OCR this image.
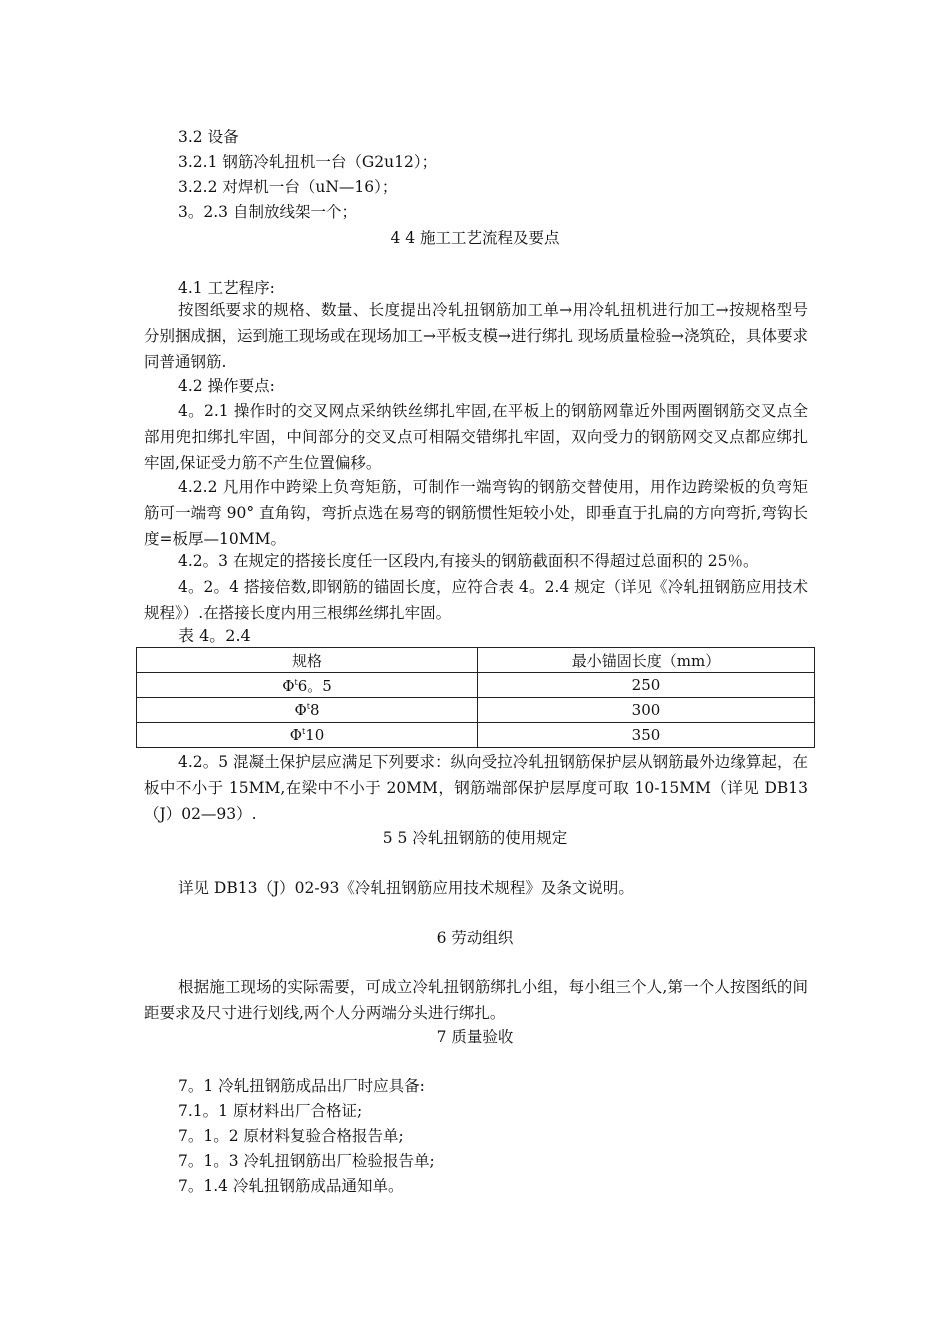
3.2 设备
3.2.1 钢筋冷轧扭机一台（G2u12）；
3.2.2 对焊机一台（uN—16）；
3。2.3 自制放线架一个；
4 4 施工工艺流程及要点
4.1 工艺程序:
按图纸要求的规格、数量、长度提出冷轧扭钢筋加工单→用冷轧扭机进行加工→按规格型号分别捆成捆，运到施工现场或在现场加工→平板支模→进行绑扎 现场质量检验→浇筑砼，具体要求同普通钢筋.
4.2 操作要点:
4。2.1 操作时的交叉网点采纳铁丝绑扎牢固,在平板上的钢筋网靠近外围两圈钢筋交叉点全部用兜扣绑扎牢固，中间部分的交叉点可相隔交错绑扎牢固，双向受力的钢筋网交叉点都应绑扎牢固,保证受力筋不产生位置偏移。
4.2.2 凡用作中跨梁上负弯矩筋，可制作一端弯钩的钢筋交替使用，用作边跨梁板的负弯矩筋可一端弯 90° 直角钩，弯折点选在易弯的钢筋惯性矩较小处，即垂直于扎扁的方向弯折,弯钩长度=板厚—10MM。
4.2。3 在规定的搭接长度任一区段内,有接头的钢筋截面积不得超过总面积的 25％。
4。2。4 搭接倍数,即钢筋的锚固长度，应符合表 4。2.4 规定（详见《冷轧扭钢筋应用技术规程》）.在搭接长度内用三根绑丝绑扎牢固。
表 4。2.4
规格	最小锚固长度（mm）
$\Phi^t6$。5	250
$\Phi^t8$	300
$\Phi^t10$	350
4.2。5 混凝土保护层应满足下列要求：纵向受拉冷轧扭钢筋保护层从钢筋最外边缘算起，在板中不小于 15MM,在梁中不小于 20MM，钢筋端部保护层厚度可取 10-15MM（详见 DB13（J）02—93）.
5 5 冷轧扭钢筋的使用规定
详见 DB13（J）02-93《冷轧扭钢筋应用技术规程》及条文说明。
6 劳动组织
根据施工现场的实际需要，可成立冷轧扭钢筋绑扎小组，每小组三个人,第一个人按图纸的间距要求及尺寸进行划线,两个人分两端分头进行绑扎。
7 质量验收
7。1 冷轧扭钢筋成品出厂时应具备:
7.1。1 原材料出厂合格证;
7。1。2 原材料复验合格报告单;
7。1。3 冷轧扭钢筋出厂检验报告单;
7。1.4 冷轧扭钢筋成品通知单。
